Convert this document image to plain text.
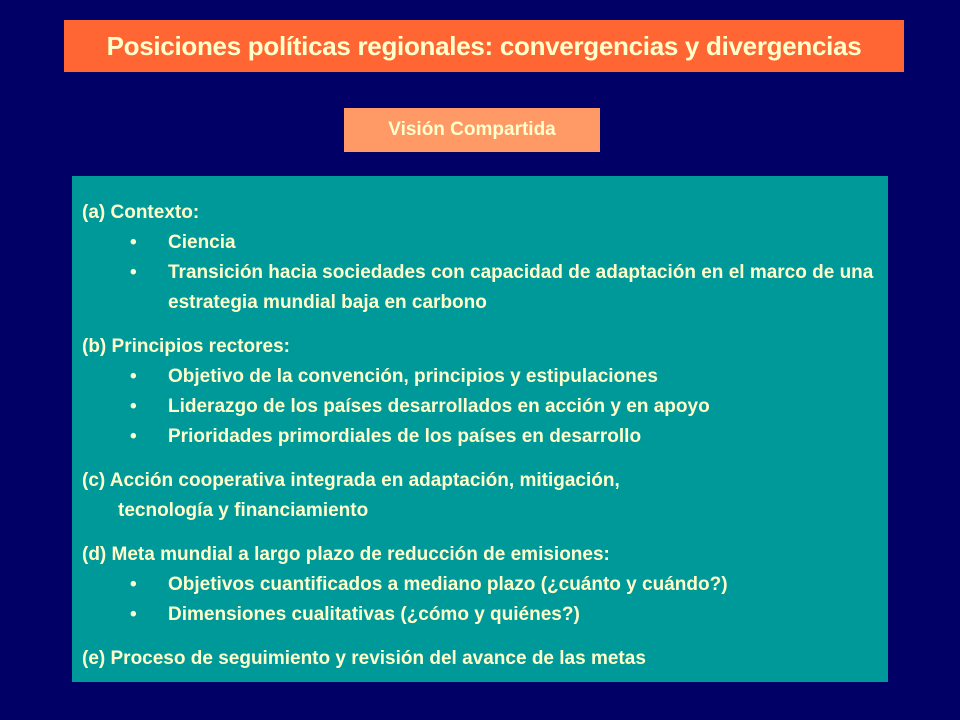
Posiciones políticas regionales: convergencias y divergencias
Visión Compartida
(a) Contexto:
•	Ciencia
•	Transición hacia sociedades con capacidad de adaptación en el marco de una estrategia mundial baja en carbono
(b) Principios rectores:
•	Objetivo de la convención, principios y estipulaciones
•	Liderazgo de los países desarrollados en acción y en apoyo
•	Prioridades primordiales de los países en desarrollo
(c) Acción cooperativa integrada en adaptación, mitigación,
tecnología y financiamiento
(d) Meta mundial a largo plazo de reducción de emisiones:
•	Objetivos cuantificados a mediano plazo (¿cuánto y cuándo?)
•	Dimensiones cualitativas (¿cómo y quiénes?)
(e) Proceso de seguimiento y revisión del avance de las metas
